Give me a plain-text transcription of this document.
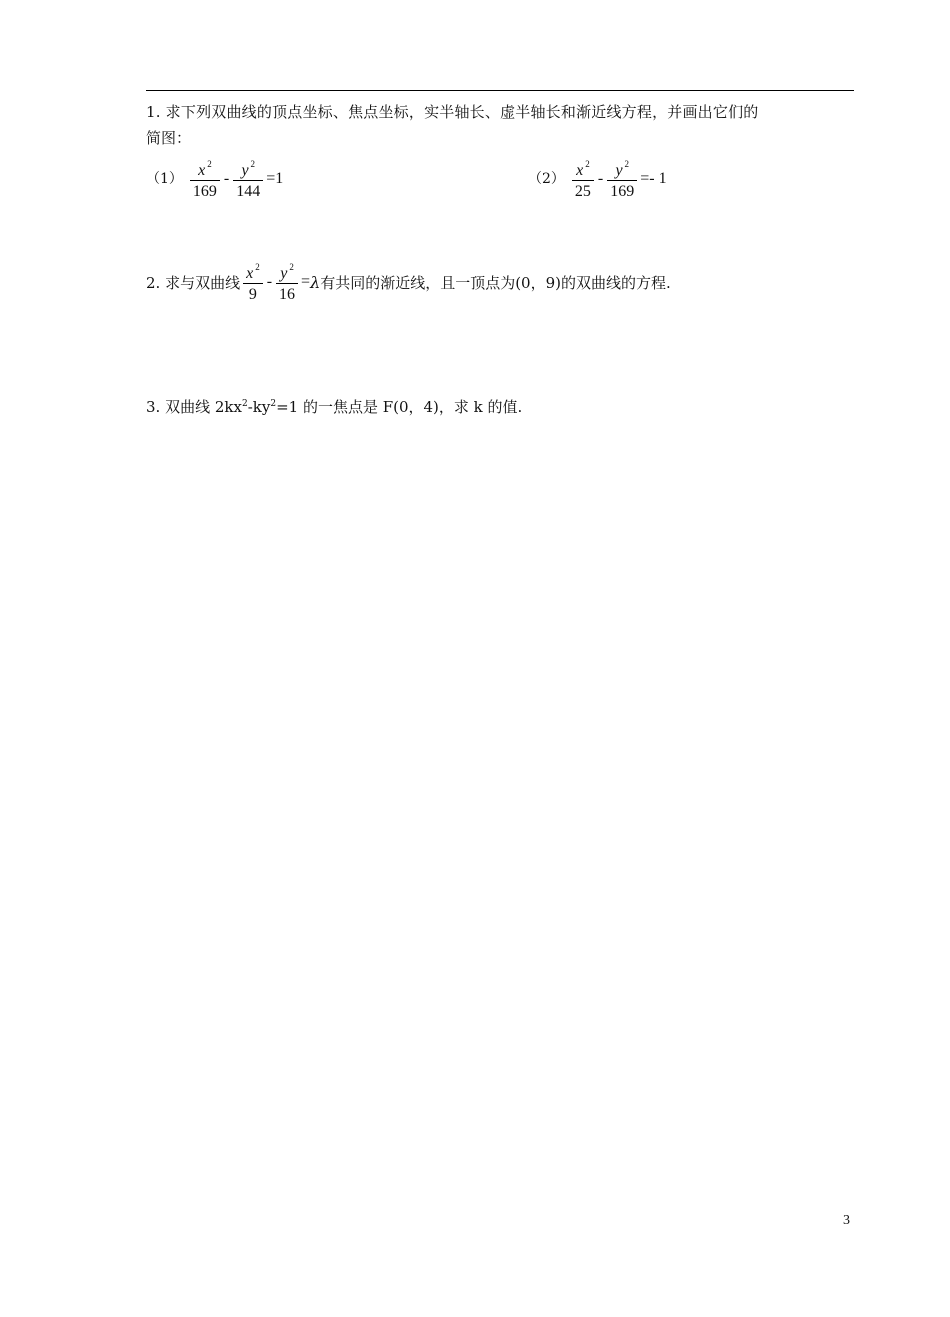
1. 求下列双曲线的顶点坐标、焦点坐标，实半轴长、虚半轴长和渐近线方程，并画出它们的
简图：
$(1) \frac{x ^2}{169} - \frac{y ^2}{144} =1$	$(2) \frac{x ^2}{25} - \frac{y ^2}{169} =- 1$
2. 求与双曲线 $\frac{x ^2}{9} - \frac{y ^2}{16} = \lambda$ 有共同的渐近线，且一顶点为(0，9)的双曲线的方程.
3. 双曲线 $2kx^2-ky^2=1$ 的一焦点是 F(0，4)，求 k 的值.
3
